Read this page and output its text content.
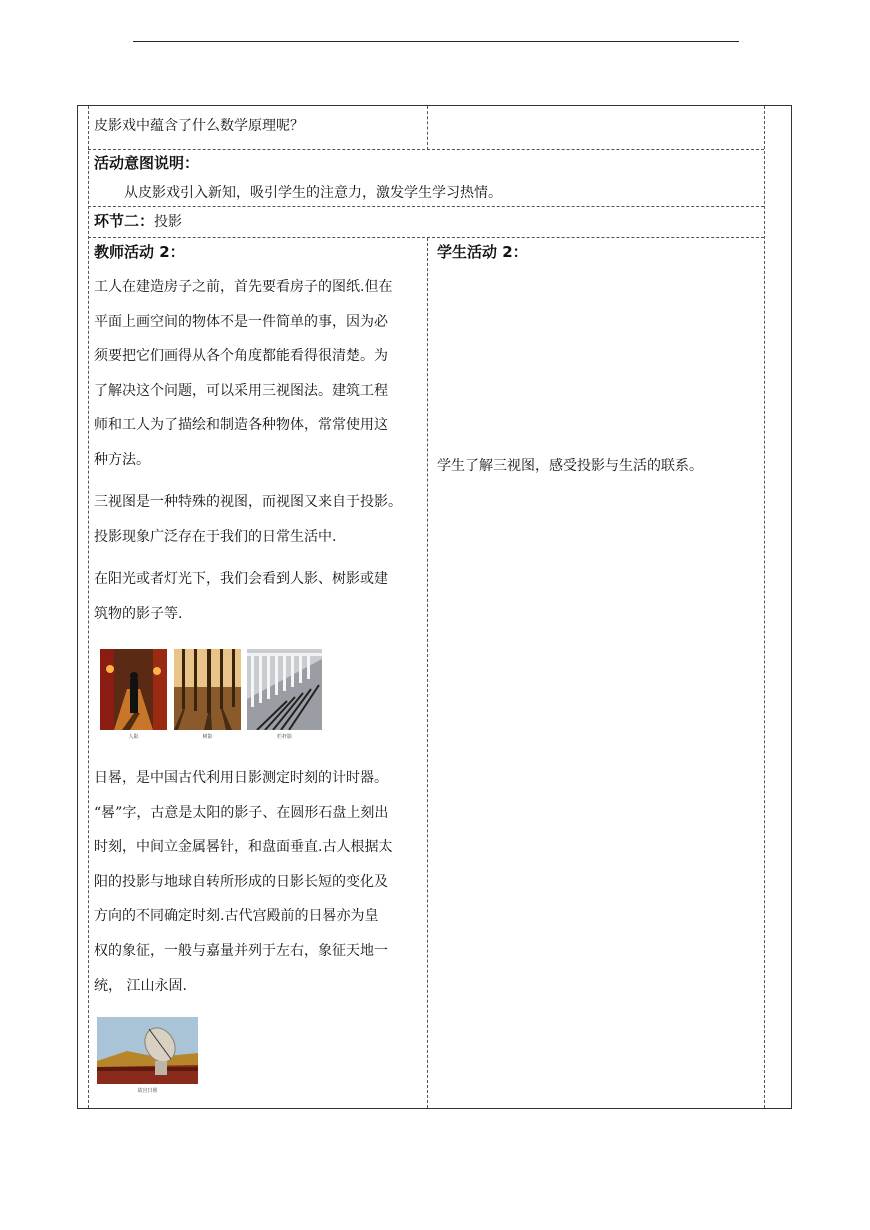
皮影戏中蕴含了什么数学原理呢？
活动意图说明：
从皮影戏引入新知，吸引学生的注意力，激发学生学习热情。
环节二：投影
教师活动 2：
工人在建造房子之前，首先要看房子的图纸.但在
平面上画空间的物体不是一件简单的事，因为必
须要把它们画得从各个角度都能看得很清楚。为
了解决这个问题，可以采用三视图法。建筑工程
师和工人为了描绘和制造各种物体，常常使用这
种方法。
三视图是一种特殊的视图，而视图又来自于投影。
投影现象广泛存在于我们的日常生活中.
在阳光或者灯光下，我们会看到人影、树影或建
筑物的影子等.
人影	树影	栏杆影
日晷，是中国古代利用日影测定时刻的计时器。
“晷”字，古意是太阳的影子、在圆形石盘上刻出
时刻，中间立金属晷针，和盘面垂直.古人根据太
阳的投影与地球自转所形成的日影长短的变化及
方向的不同确定时刻.古代宫殿前的日晷亦为皇
权的象征，一般与嘉量并列于左右，象征天地一
统， 江山永固.
故宫日晷
学生活动 2：
学生了解三视图，感受投影与生活的联系。
